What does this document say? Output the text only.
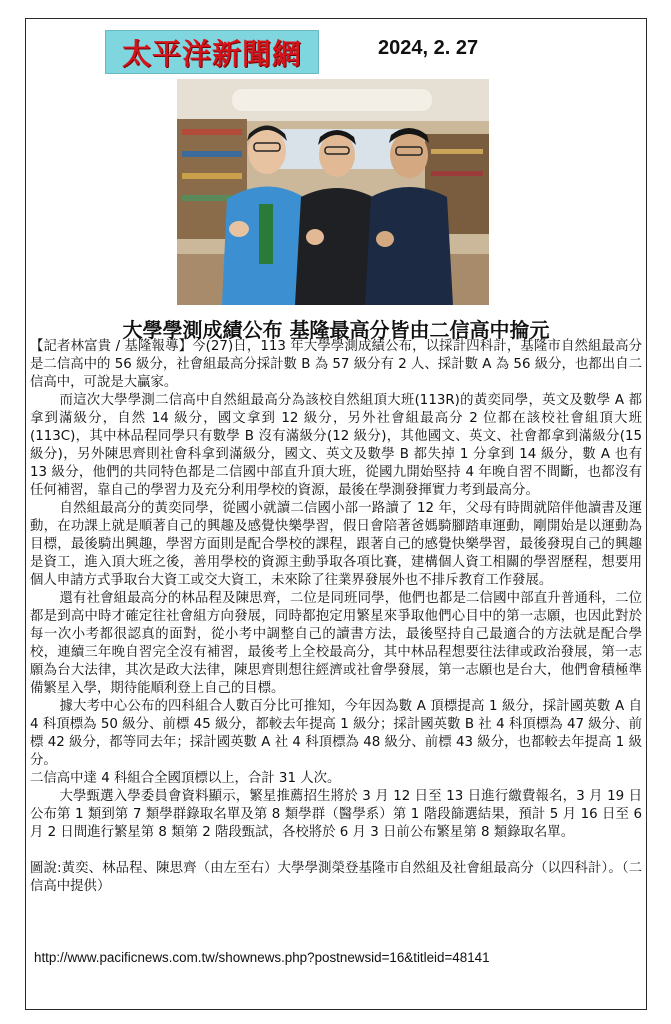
太平洋新聞網	2024, 2. 27
大學學測成績公布 基隆最高分皆由二信高中掄元

【記者林富貴 / 基隆報導】今(27)日，113 年大學學測成績公布，以採計四科計，基隆市自然組最高分是二信高中的 56 級分，社會組最高分採計數 B 為 57 級分有 2 人、採計數 A 為 56 級分，也都出自二信高中，可說是大贏家。

而這次大學學測二信高中自然組最高分為該校自然組頂大班(113R)的黃奕同學，英文及數學 A 都拿到滿級分，自然 14 級分，國文拿到 12 級分，另外社會組最高分 2 位都在該校社會組頂大班(113C)，其中林品程同學只有數學 B 沒有滿級分(12 級分)，其他國文、英文、社會都拿到滿級分(15 級分)，另外陳思齊則社會科拿到滿級分，國文、英文及數學 B 都失掉 1 分拿到 14 級分，數 A 也有 13 級分，他們的共同特色都是二信國中部直升頂大班，從國九開始堅持 4 年晚自習不間斷，也都沒有任何補習，靠自己的學習力及充分利用學校的資源，最後在學測發揮實力考到最高分。

自然組最高分的黃奕同學，從國小就讀二信國小部一路讀了 12 年，父母有時間就陪伴他讀書及運動，在功課上就是順著自己的興趣及感覺快樂學習，假日會陪著爸媽騎腳踏車運動，剛開始是以運動為目標，最後騎出興趣，學習方面則是配合學校的課程，跟著自己的感覺快樂學習，最後發現自己的興趣是資工，進入頂大班之後，善用學校的資源主動爭取各項比賽，建構個人資工相關的學習歷程，想要用個人申請方式爭取台大資工或交大資工，未來除了往業界發展外也不排斥教育工作發展。

還有社會組最高分的林品程及陳思齊，二位是同班同學，他們也都是二信國中部直升普通科，二位都是到高中時才確定往社會組方向發展，同時都抱定用繁星來爭取他們心目中的第一志願，也因此對於每一次小考都很認真的面對，從小考中調整自己的讀書方法，最後堅持自己最適合的方法就是配合學校，連續三年晚自習完全沒有補習，最後考上全校最高分，其中林品程想要往法律或政治發展，第一志願為台大法律，其次是政大法律，陳思齊則想往經濟或社會學發展，第一志願也是台大，他們會積極準備繁星入學，期待能順利登上自己的目標。

據大考中心公布的四科組合人數百分比可推知，今年因為數 A 頂標提高 1 級分，採計國英數 A 自 4 科頂標為 50 級分、前標 45 級分，都較去年提高 1 級分；採計國英數 B 社 4 科頂標為 47 級分、前標 42 級分，都等同去年；採計國英數 A 社 4 科頂標為 48 級分、前標 43 級分，也都較去年提高 1 級分。

二信高中達 4 科組合全國頂標以上，合計 31 人次。

大學甄選入學委員會資料顯示，繁星推薦招生將於 3 月 12 日至 13 日進行繳費報名，3 月 19 日公布第 1 類到第 7 類學群錄取名單及第 8 類學群（醫學系）第 1 階段篩選結果，預計 5 月 16 日至 6 月 2 日間進行繁星第 8 類第 2 階段甄試，各校將於 6 月 3 日前公布繁星第 8 類錄取名單。

圖說:黃奕、林品程、陳思齊（由左至右）大學學測榮登基隆市自然組及社會組最高分（以四科計）。（二信高中提供）

http://www.pacificnews.com.tw/shownews.php?postnewsid=16&titleid=48141
